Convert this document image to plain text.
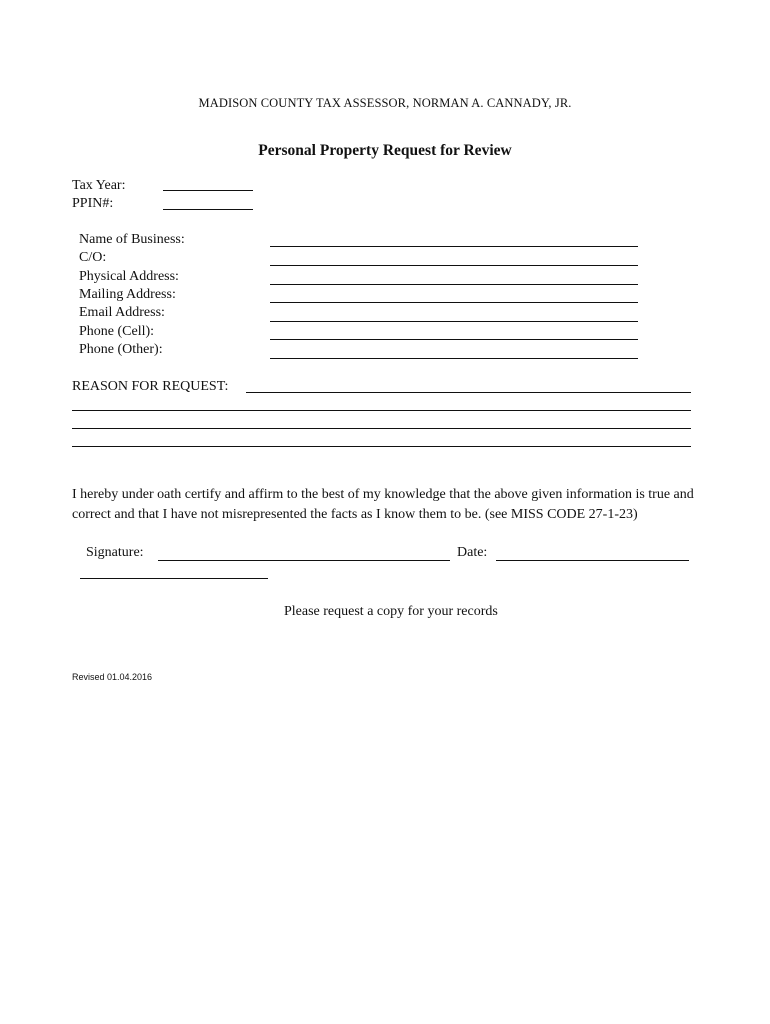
MADISON COUNTY TAX ASSESSOR, NORMAN A. CANNADY, JR.
Personal Property Request for Review
Tax Year:
PPIN#:
Name of Business:
C/O:
Physical Address:
Mailing Address:
Email Address:
Phone (Cell):
Phone (Other):
REASON FOR REQUEST:
I hereby under oath certify and affirm to the best of my knowledge that the above given information is true and correct and that I have not misrepresented the facts as I know them to be. (see MISS CODE 27-1-23)
Signature:	Date:
Please request a copy for your records
Revised 01.04.2016
